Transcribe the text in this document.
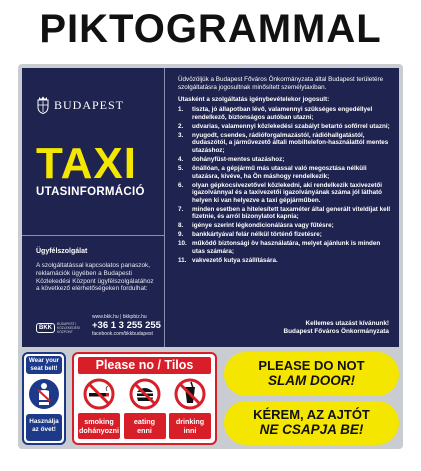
PIKTOGRAMMAL
BUDAPEST
TAXI
UTASINFORMÁCIÓ
Ügyfélszolgálat
A szolgáltatással kapcsolatos panaszok, reklamációk ügyében a Budapesti Közlekedési Központ ügyfélszolgálatához a következő elérhetőségeken fordulhat:
BKK
BUDAPESTI KÖZLEKEDÉSI KÖZPONT
www.bkk.hu | bkkpbiz.hu
+36 1 3 255 255
facebook.com/bkkbudapest
Üdvözöljük a Budapest Főváros Önkormányzata által Budapest területére szolgáltatásra jogosultnak minősített személytaxiban.
Utasként a szolgáltatás igénybevételekor jogosult:
1. tiszta, jó állapotban lévő, valamennyi szükséges engedéllyel rendelkező, biztonságos autóban utazni;
2. udvarias, valamennyi közlekedési szabályt betartó sofőrrel utazni;
3. nyugodt, csendes, rádióforgalmazástól, rádióhallgatástól, dudaszótól, a járművezető általi mobiltelefon-használattól mentes utazáshoz;
4. dohányfüst-mentes utazáshoz;
5. önállóan, a gépjármű más utassal való megosztása nélküli utazásra, kivéve, ha Ön máshogy rendelkezik;
6. olyan gépkocsivezetővel közlekedni, aki rendelkezik taxivezetői igazolvánnyal és a taxivezetői igazolványának száma jól látható helyen ki van helyezve a taxi gépjárműben.
7. minden esetben a hitelesített taxaméter által generált viteldíjat kell fizetnie, és arról bizonylatot kapnia;
8. igénye szerint légkondicionálásra vagy fűtésre;
9. bankkártyával felár nélkül történő fizetésre;
10. működő biztonsági öv használatára, melyet ajánlunk is minden utas számára;
11. vakvezető kutya szállítására.
Kellemes utazást kívánunk!
Budapest Főváros Önkormányzata
Wear your seat belt!
Használja az övet!
Please no / Tilos
smoking
dohányozni
eating
enni
drinking
inni
PLEASE DO NOT
SLAM DOOR!
KÉREM, AZ AJTÓT
NE CSAPJA BE!
